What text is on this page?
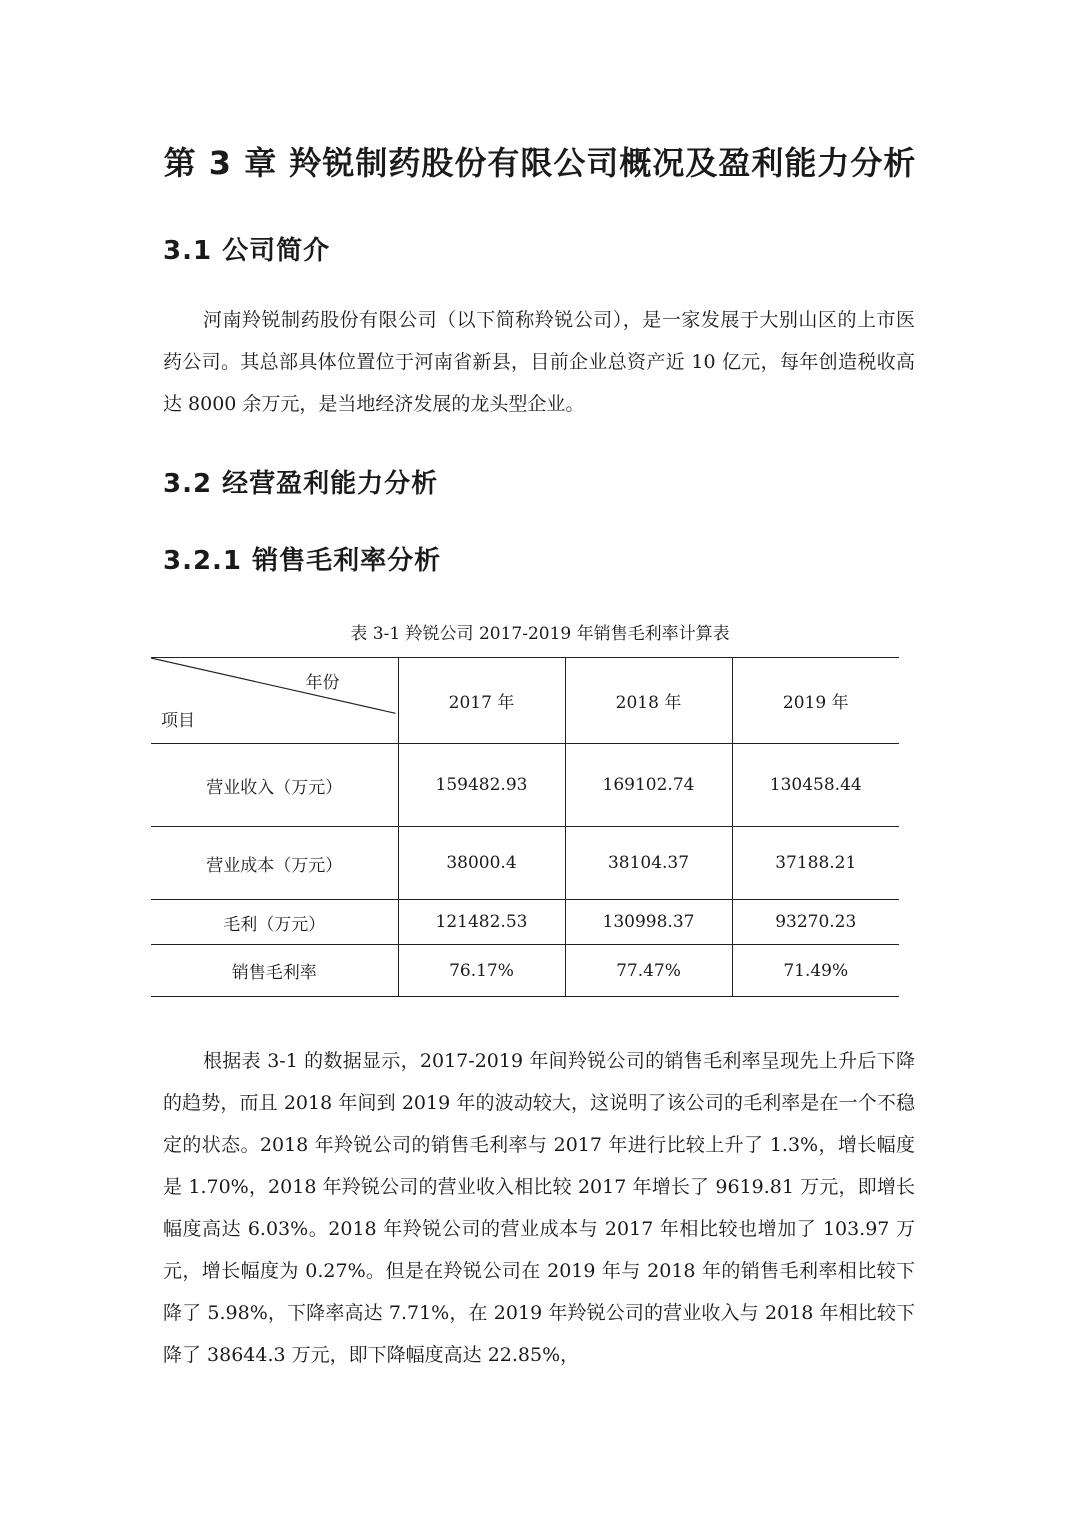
第 3 章 羚锐制药股份有限公司概况及盈利能力分析
3.1 公司简介

河南羚锐制药股份有限公司（以下简称羚锐公司），是一家发展于大别山区的上市医药公司。其总部具体位置位于河南省新县，目前企业总资产近 10 亿元，每年创造税收高达 8000 余万元，是当地经济发展的龙头型企业。

3.2 经营盈利能力分析
3.2.1 销售毛利率分析

表 3-1 羚锐公司 2017-2019 年销售毛利率计算表

年份
项目	2017 年	2018 年	2019 年
营业收入（万元）	159482.93	169102.74	130458.44
营业成本（万元）	38000.4	38104.37	37188.21
毛利（万元）	121482.53	130998.37	93270.23
销售毛利率	76.17%	77.47%	71.49%

根据表 3-1 的数据显示，2017-2019 年间羚锐公司的销售毛利率呈现先上升后下降的趋势，而且 2018 年间到 2019 年的波动较大，这说明了该公司的毛利率是在一个不稳定的状态。2018 年羚锐公司的销售毛利率与 2017 年进行比较上升了 1.3%，增长幅度是 1.70%，2018 年羚锐公司的营业收入相比较 2017 年增长了 9619.81 万元，即增长幅度高达 6.03%。2018 年羚锐公司的营业成本与 2017 年相比较也增加了 103.97 万元，增长幅度为 0.27%。但是在羚锐公司在 2019 年与 2018 年的销售毛利率相比较下降了 5.98%，下降率高达 7.71%，在 2019 年羚锐公司的营业收入与 2018 年相比较下降了 38644.3 万元，即下降幅度高达 22.85%，
